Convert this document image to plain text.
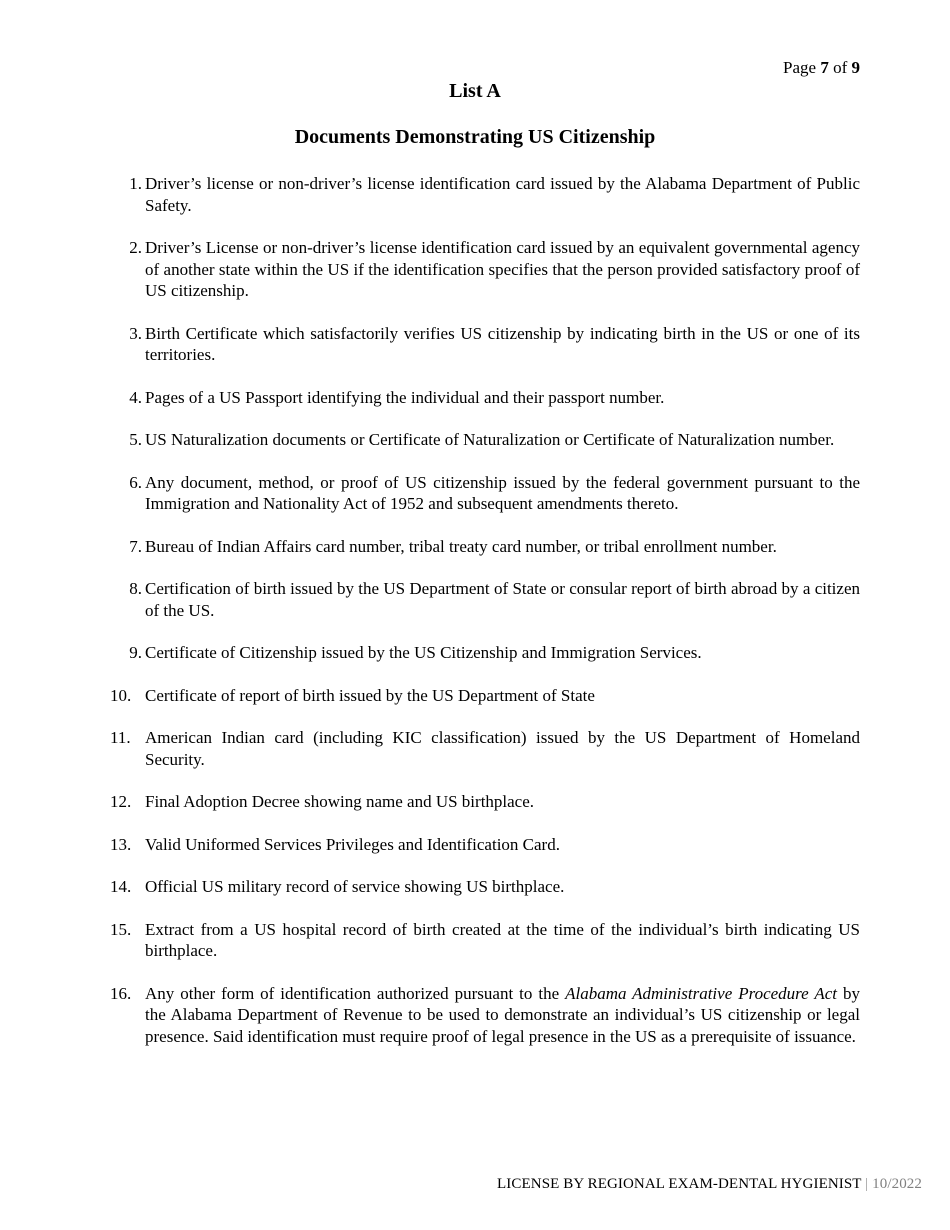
Page 7 of 9
List A
Documents Demonstrating US Citizenship
1. Driver’s license or non-driver’s license identification card issued by the Alabama Department of Public Safety.
2. Driver’s License or non-driver’s license identification card issued by an equivalent governmental agency of another state within the US if the identification specifies that the person provided satisfactory proof of US citizenship.
3. Birth Certificate which satisfactorily verifies US citizenship by indicating birth in the US or one of its territories.
4. Pages of a US Passport identifying the individual and their passport number.
5. US Naturalization documents or Certificate of Naturalization or Certificate of Naturalization number.
6. Any document, method, or proof of US citizenship issued by the federal government pursuant to the Immigration and Nationality Act of 1952 and subsequent amendments thereto.
7. Bureau of Indian Affairs card number, tribal treaty card number, or tribal enrollment number.
8. Certification of birth issued by the US Department of State or consular report of birth abroad by a citizen of the US.
9. Certificate of Citizenship issued by the US Citizenship and Immigration Services.
10. Certificate of report of birth issued by the US Department of State
11. American Indian card (including KIC classification) issued by the US Department of Homeland Security.
12. Final Adoption Decree showing name and US birthplace.
13. Valid Uniformed Services Privileges and Identification Card.
14. Official US military record of service showing US birthplace.
15. Extract from a US hospital record of birth created at the time of the individual’s birth indicating US birthplace.
16. Any other form of identification authorized pursuant to the Alabama Administrative Procedure Act by the Alabama Department of Revenue to be used to demonstrate an individual’s US citizenship or legal presence. Said identification must require proof of legal presence in the US as a prerequisite of issuance.
LICENSE BY REGIONAL EXAM-DENTAL HYGIENIST | 10/2022
